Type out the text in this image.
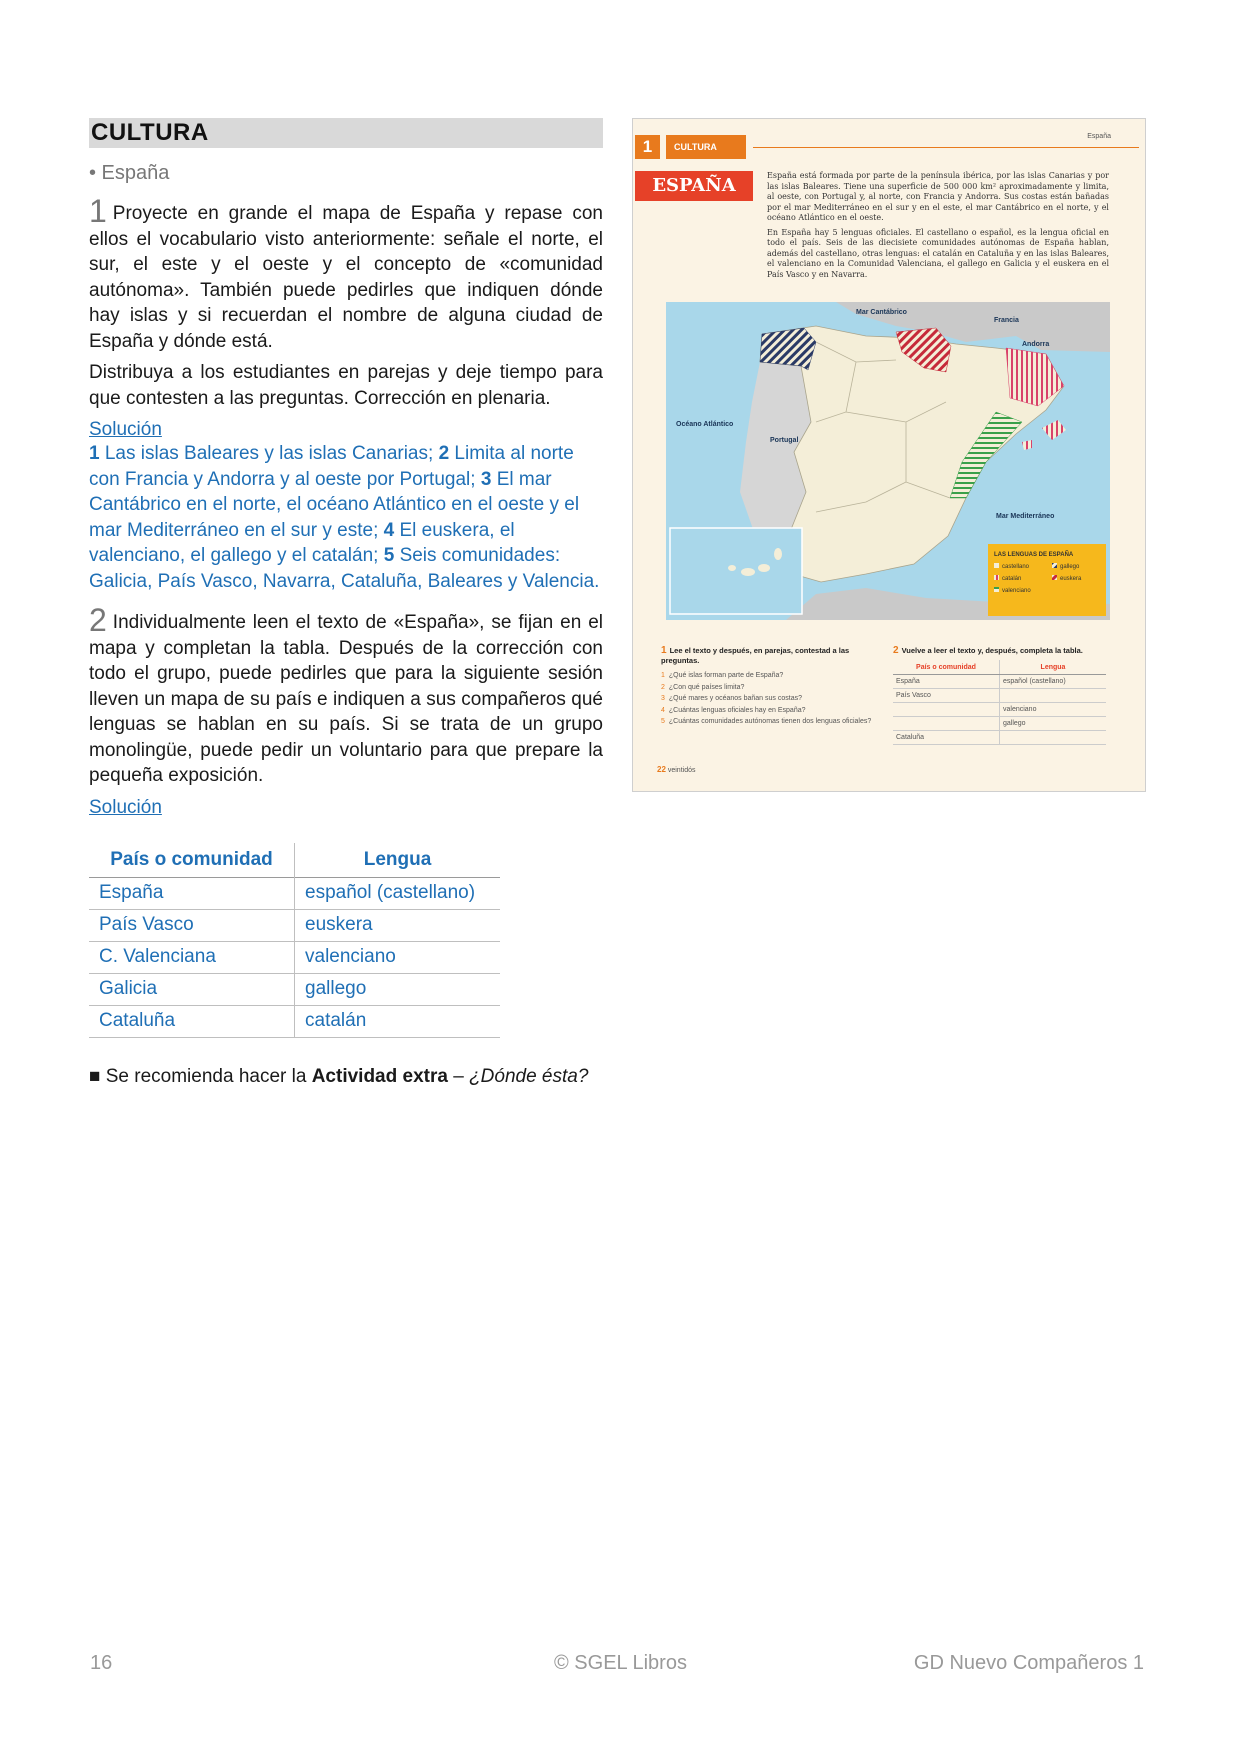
CULTURA
• España

1 Proyecte en grande el mapa de España y repase con ellos el vocabulario visto anteriormente: señale el norte, el sur, el este y el oeste y el concepto de «comunidad autónoma». También puede pedirles que indiquen dónde hay islas y si recuerdan el nombre de alguna ciudad de España y dónde está.

Distribuya a los estudiantes en parejas y deje tiempo para que contesten a las preguntas. Corrección en plenaria.

Solución

1 Las islas Baleares y las islas Canarias; 2 Limita al norte con Francia y Andorra y al oeste por Portugal; 3 El mar Cantábrico en el norte, el océano Atlántico en el oeste y el mar Mediterráneo en el sur y este; 4 El euskera, el valenciano, el gallego y el catalán; 5 Seis comunidades: Galicia, País Vasco, Navarra, Cataluña, Baleares y Valencia.

2 Individualmente leen el texto de «España», se fijan en el mapa y completan la tabla. Después de la corrección con todo el grupo, puede pedirles que para la siguiente sesión lleven un mapa de su país e indiquen a sus compañeros qué lenguas se hablan en su país. Si se trata de un grupo monolingüe, puede pedir un voluntario para que prepare la pequeña exposición.

Solución
País o comunidad	Lengua
España	español (castellano)
País Vasco	euskera
C. Valenciana	valenciano
Galicia	gallego
Cataluña	catalán
■ Se recomienda hacer la Actividad extra – ¿Dónde ésta?
1	CULTURA
España
ESPAÑA	España está formada por parte de la península ibérica, por las islas Canarias y por las islas Baleares. Tiene una superficie de 500 000 km² aproximadamente y limita, al oeste, con Portugal y, al norte, con Francia y Andorra. Sus costas están bañadas por el mar Mediterráneo en el sur y en el este, el mar Cantábrico en el norte, y el océano Atlántico en el oeste.

En España hay 5 lenguas oficiales. El castellano o español, es la lengua oficial en todo el país. Seis de las diecisiete comunidades autónomas de España hablan, además del castellano, otras lenguas: el catalán en Cataluña y en las islas Baleares, el valenciano en la Comunidad Valenciana, el gallego en Galicia y el euskera en el País Vasco y en Navarra.

Mar Cantábrico
Francia
Andorra
Océano Atlántico
Portugal
Mar Mediterráneo
LAS LENGUAS DE ESPAÑA
castellano	gallego
catalán	euskera
valenciano
1 Lee el texto y después, en parejas, contestad a las preguntas.
1 ¿Qué islas forman parte de España?
2 ¿Con qué países limita?
3 ¿Qué mares y océanos bañan sus costas?
4 ¿Cuántas lenguas oficiales hay en España?
5 ¿Cuántas comunidades autónomas tienen dos lenguas oficiales?
2 Vuelve a leer el texto y, después, completa la tabla.
País o comunidad	Lengua
España	español (castellano)
País Vasco	
	valenciano
	gallego
Cataluña	
22 veintidós
16	© SGEL Libros	GD Nuevo Compañeros 1
